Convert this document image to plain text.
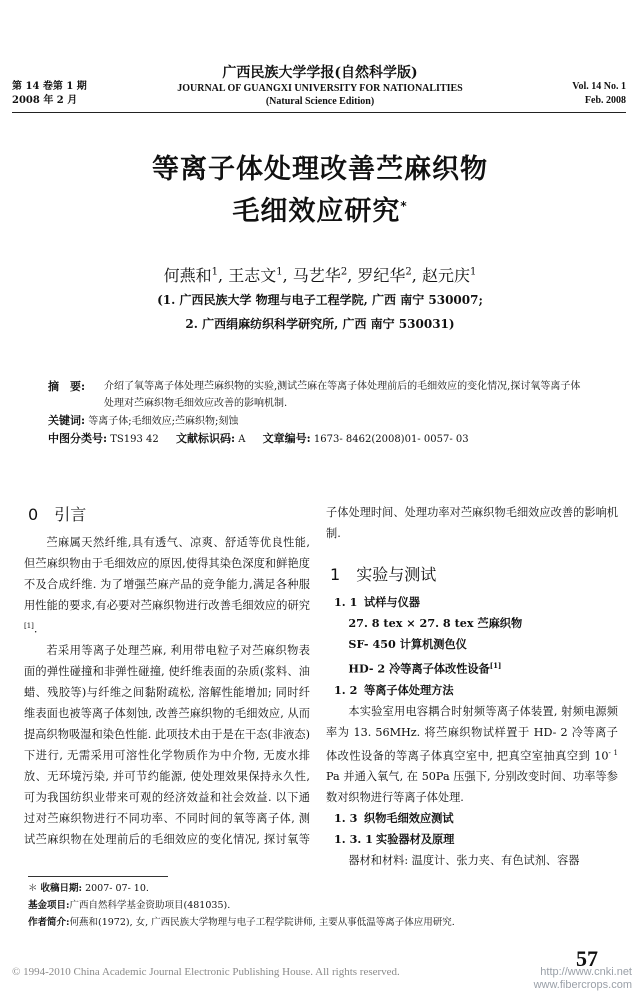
第 14 卷第 1 期
2008 年 2 月
广西民族大学学报(自然科学版)
JOURNAL OF GUANGXI UNIVERSITY FOR NATIONALITIES
(Natural Science Edition)
Vol. 14 No. 1
Feb. 2008
等离子体处理改善苎麻织物
毛细效应研究*
何燕和$^1$, 王志文$^1$, 马艺华$^2$, 罗纪华$^2$, 赵元庆$^1$
(1. 广西民族大学 物理与电子工程学院, 广西 南宁 530007;
2. 广西绢麻纺织科学研究所, 广西 南宁 530031)
摘　要:	介绍了氧等离子体处理苎麻织物的实验,测试苎麻在等离子体处理前后的毛细效应的变化情况,探讨氧等离子体处理对苎麻织物毛细效应改善的影响机制.
关键词: 等离子体;毛细效应;苎麻织物;刻蚀
中图分类号: TS193 42 文献标识码: A 文章编号: 1673- 8462(2008)01- 0057- 03
0 引言

苎麻属天然纤维,具有透气、凉爽、舒适等优良性能,但苎麻织物由于毛细效应的原因,使得其染色深度和鲜艳度不及合成纤维. 为了增强苎麻产品的竞争能力,满足各种服用性能的要求,有必要对苎麻织物进行改善毛细效应的研究[1].

若采用等离子处理苎麻, 利用带电粒子对苎麻织物表面的弹性碰撞和非弹性碰撞, 使纤维表面的杂质(浆料、油蜡、残胶等)与纤维之间黏附疏松, 溶解性能增加; 同时纤维表面也被等离子体刻蚀, 改善苎麻织物的毛细效应, 从而提高织物吸湿和染色性能. 此项技术由于是在干态(非液态)下进行, 无需采用可溶性化学物质作为中介物, 无废水排放、无环境污染, 并可节约能源, 使处理效果保持永久性, 可为我国纺织业带来可观的经济效益和社会效益. 以下通过对苎麻织物进行不同功率、不同时间的氧等离子体, 测试苎麻织物在处理前后的毛细效应的变化情况, 探讨氧等

子体处理时间、处理功率对苎麻织物毛细效应改善的影响机制.
1 实验与测试
1. 1 试样与仪器
27. 8 tex × 27. 8 tex 苎麻织物
SF- 450 计算机测色仪
HD- 2 冷等离子体改性设备[1]
1. 2 等离子体处理方法

本实验室用电容耦合时射频等离子体装置, 射频电源频率为 13. 56MHz. 将苎麻织物试样置于 HD- 2 冷等离子体改性设备的等离子体真空室中, 把真空室抽真空到 $10^{- 1}$ Pa 并通入氧气, 在 50Pa 压强下, 分别改变时间、功率等参数对织物进行等离子体处理.

1. 3 织物毛细效应测试
1. 3. 1 实验器材及原理

器材和材料: 温度计、张力夹、有色试剂、容器

＊ 收稿日期: 2007- 07- 10.
基金项目:广西自然科学基金资助项目(481035).
作者简介:何燕和(1972), 女, 广西民族大学物理与电子工程学院讲师, 主要从事低温等离子体应用研究.
57
© 1994-2010 China Academic Journal Electronic Publishing House. All rights reserved.	http://www.cnki.net
www.fibercrops.com
